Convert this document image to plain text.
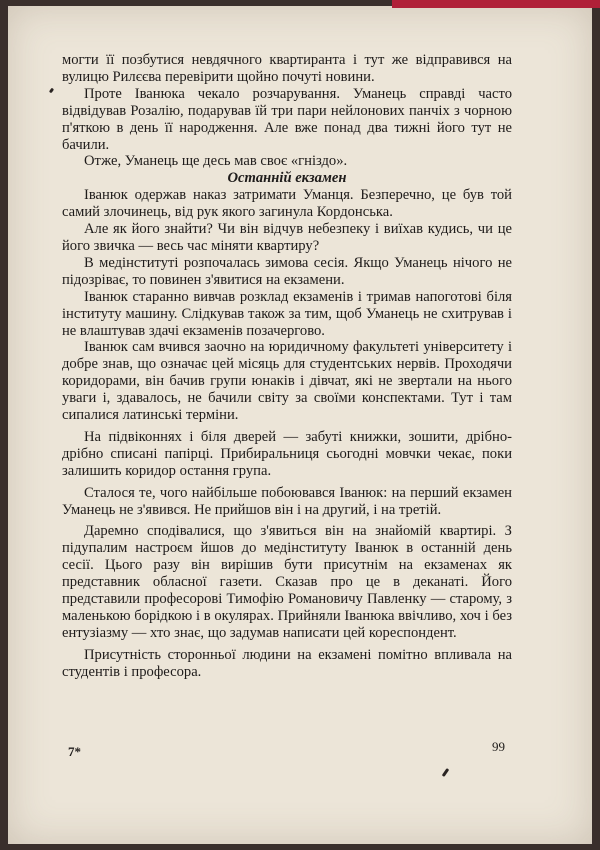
могти її позбутися невдячного квартиранта і тут же відправився на вулицю Рилєєва перевірити щойно почуті новини.

Проте Іванюка чекало розчарування. Уманець справді часто відвідував Розалію, подарував їй три пари нейлонових панчіх з чорною п'яткою в день її народження. Але вже понад два тижні його тут не бачили.

Отже, Уманець ще десь мав своє «гніздо».

Останній екзамен

Іванюк одержав наказ затримати Уманця. Безперечно, це був той самий злочинець, від рук якого загинула Кордонська.

Але як його знайти? Чи він відчув небезпеку і виїхав кудись, чи це його звичка — весь час міняти квартиру?

В медінституті розпочалась зимова сесія. Якщо Уманець нічого не підозріває, то повинен з'явитися на екзамени.

Іванюк старанно вивчав розклад екзаменів і тримав напоготові біля інституту машину. Слідкував також за тим, щоб Уманець не схитрував і не влаштував здачі екзаменів позачергово.

Іванюк сам вчився заочно на юридичному факультеті університету і добре знав, що означає цей місяць для студентських нервів. Проходячи коридорами, він бачив групи юнаків і дівчат, які не звертали на нього уваги і, здавалось, не бачили світу за своїми конспектами. Тут і там сипалися латинські терміни.

На підвіконнях і біля дверей — забуті книжки, зошити, дрібно-дрібно списані папірці. Прибиральниця сьогодні мовчки чекає, поки залишить коридор остання група.

Сталося те, чого найбільше побоювався Іванюк: на перший екзамен Уманець не з'явився. Не прийшов він і на другий, і на третій.

Даремно сподівалися, що з'явиться він на знайомій квартирі. З підупалим настроєм йшов до медінституту Іванюк в останній день сесії. Цього разу він вирішив бути присутнім на екзаменах як представник обласної газети. Сказав про це в деканаті. Його представили професорові Тимофію Романовичу Павленку — старому, з маленькою борідкою і в окулярах. Прийняли Іванюка ввічливо, хоч і без ентузіазму — хто знає, що задумав написати цей кореспондент.

Присутність сторонньої людини на екзамені помітно впливала на студентів і професора.

7*	99
